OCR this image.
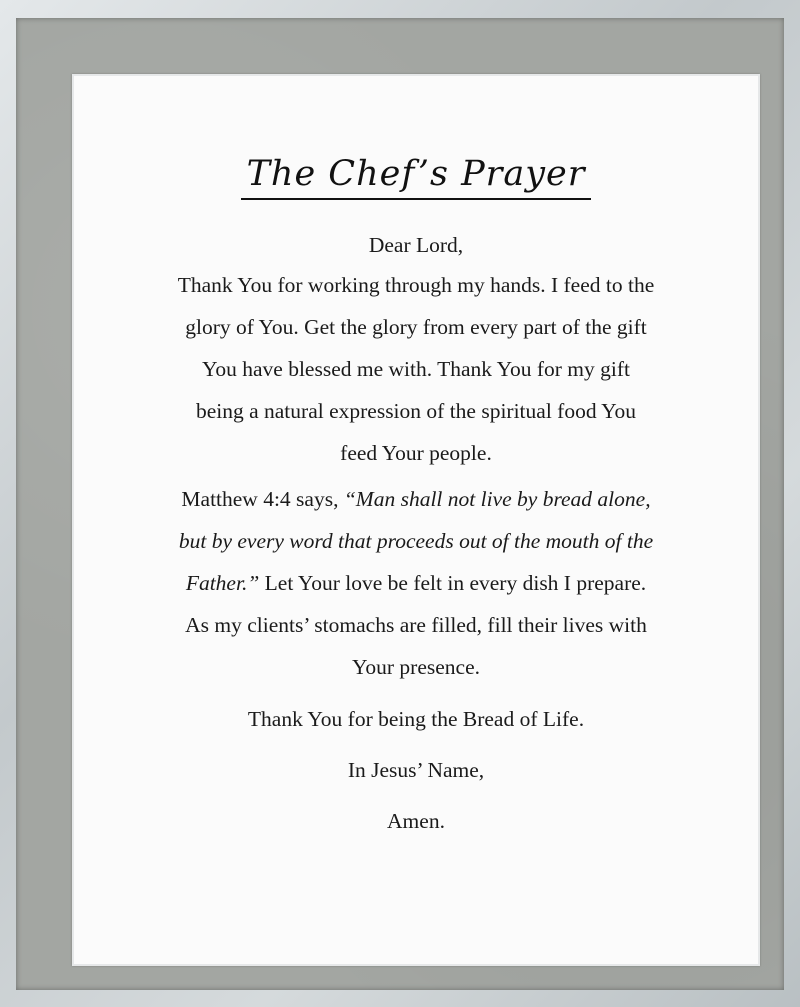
The Chef’s Prayer
Dear Lord,
Thank You for working through my hands. I feed to the
glory of You. Get the glory from every part of the gift
You have blessed me with. Thank You for my gift
being a natural expression of the spiritual food You
feed Your people.
Matthew 4:4 says, “Man shall not live by bread alone,
but by every word that proceeds out of the mouth of the
Father.” Let Your love be felt in every dish I prepare.
As my clients’ stomachs are filled, fill their lives with
Your presence.
Thank You for being the Bread of Life.
In Jesus’ Name,
Amen.
